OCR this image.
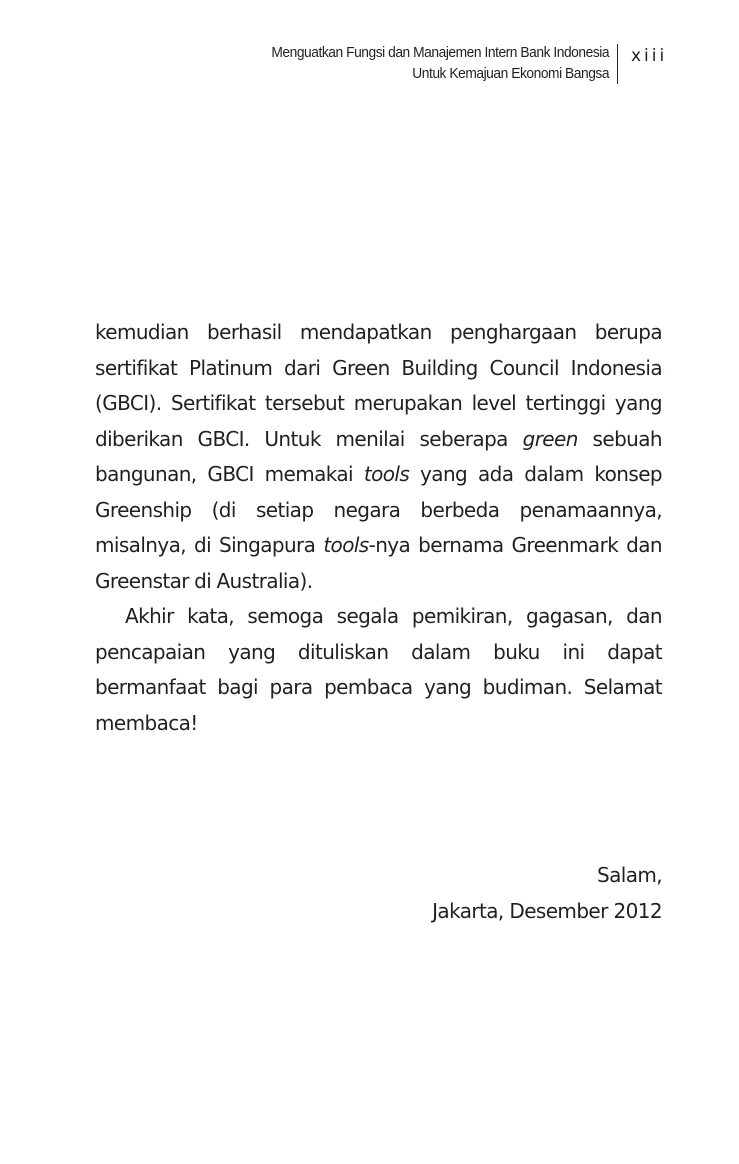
Menguatkan Fungsi dan Manajemen Intern Bank Indonesia
Untuk Kemajuan Ekonomi Bangsa
xiii

kemudian berhasil mendapatkan penghargaan berupa sertifikat Platinum dari Green Building Council Indonesia (GBCI). Sertifikat tersebut merupakan level tertinggi yang diberikan GBCI. Untuk menilai seberapa green sebuah bangunan, GBCI memakai tools yang ada dalam konsep Greenship (di setiap negara berbeda penamaannya, misalnya, di Singapura tools-nya bernama Greenmark dan Greenstar di Australia).

Akhir kata, semoga segala pemikiran, gagasan, dan pencapaian yang dituliskan dalam buku ini dapat bermanfaat bagi para pembaca yang budiman. Selamat membaca!

Salam,
Jakarta, Desember 2012
